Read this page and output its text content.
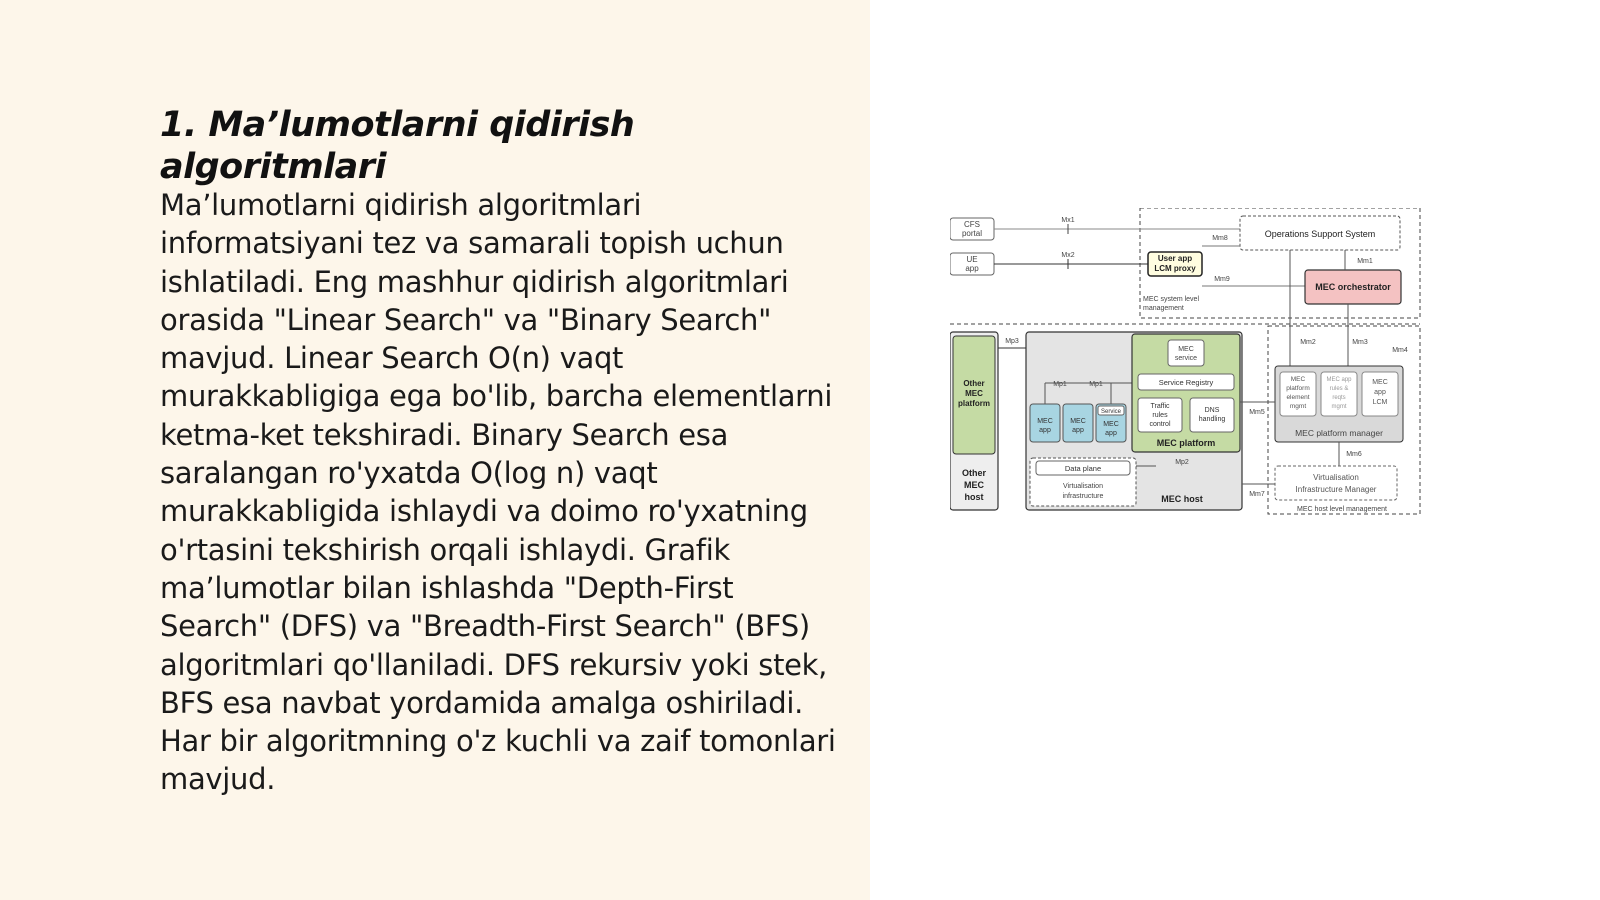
1. Ma’lumotlarni qidirish algoritmlari

Ma’lumotlarni qidirish algoritmlari informatsiyani tez va samarali topish uchun ishlatiladi. Eng mashhur qidirish algoritmlari orasida "Linear Search" va "Binary Search" mavjud. Linear Search O(n) vaqt murakkabligiga ega bo'lib, barcha elementlarni ketma-ket tekshiradi. Binary Search esa saralangan ro'yxatda O(log n) vaqt murakkabligida ishlaydi va doimo ro'yxatning o'rtasini tekshirish orqali ishlaydi. Grafik ma’lumotlar bilan ishlashda "Depth-First Search" (DFS) va "Breadth-First Search" (BFS) algoritmlari qo'llaniladi. DFS rekursiv yoki stek, BFS esa navbat yordamida amalga oshiriladi. Har bir algoritmning o'z kuchli va zaif tomonlari mavjud.

CFS
portal
UE
app
Mx1
Mx2
Operations Support System
User app
LCM proxy
Mm8
Mm9
MEC orchestrator
Mm1
MEC system level
management
Other
MEC
platform
Other
MEC
host
Mp3
MEC host
MEC
app
MEC
app
Service
MEC
app
Mp1	Mp1
MEC
service
Service Registry
Traffic
rules
control
DNS
handling
MEC platform
Data plane
Virtualisation
infrastructure
Mp2
Mm2	Mm3
Mm4
MEC
platform
element
mgmt
MEC app
rules &
reqts
mgmt
MEC
app
LCM
MEC platform manager
Mm5
Mm6
Virtualisation
Infrastructure Manager
Mm7
MEC host level management
